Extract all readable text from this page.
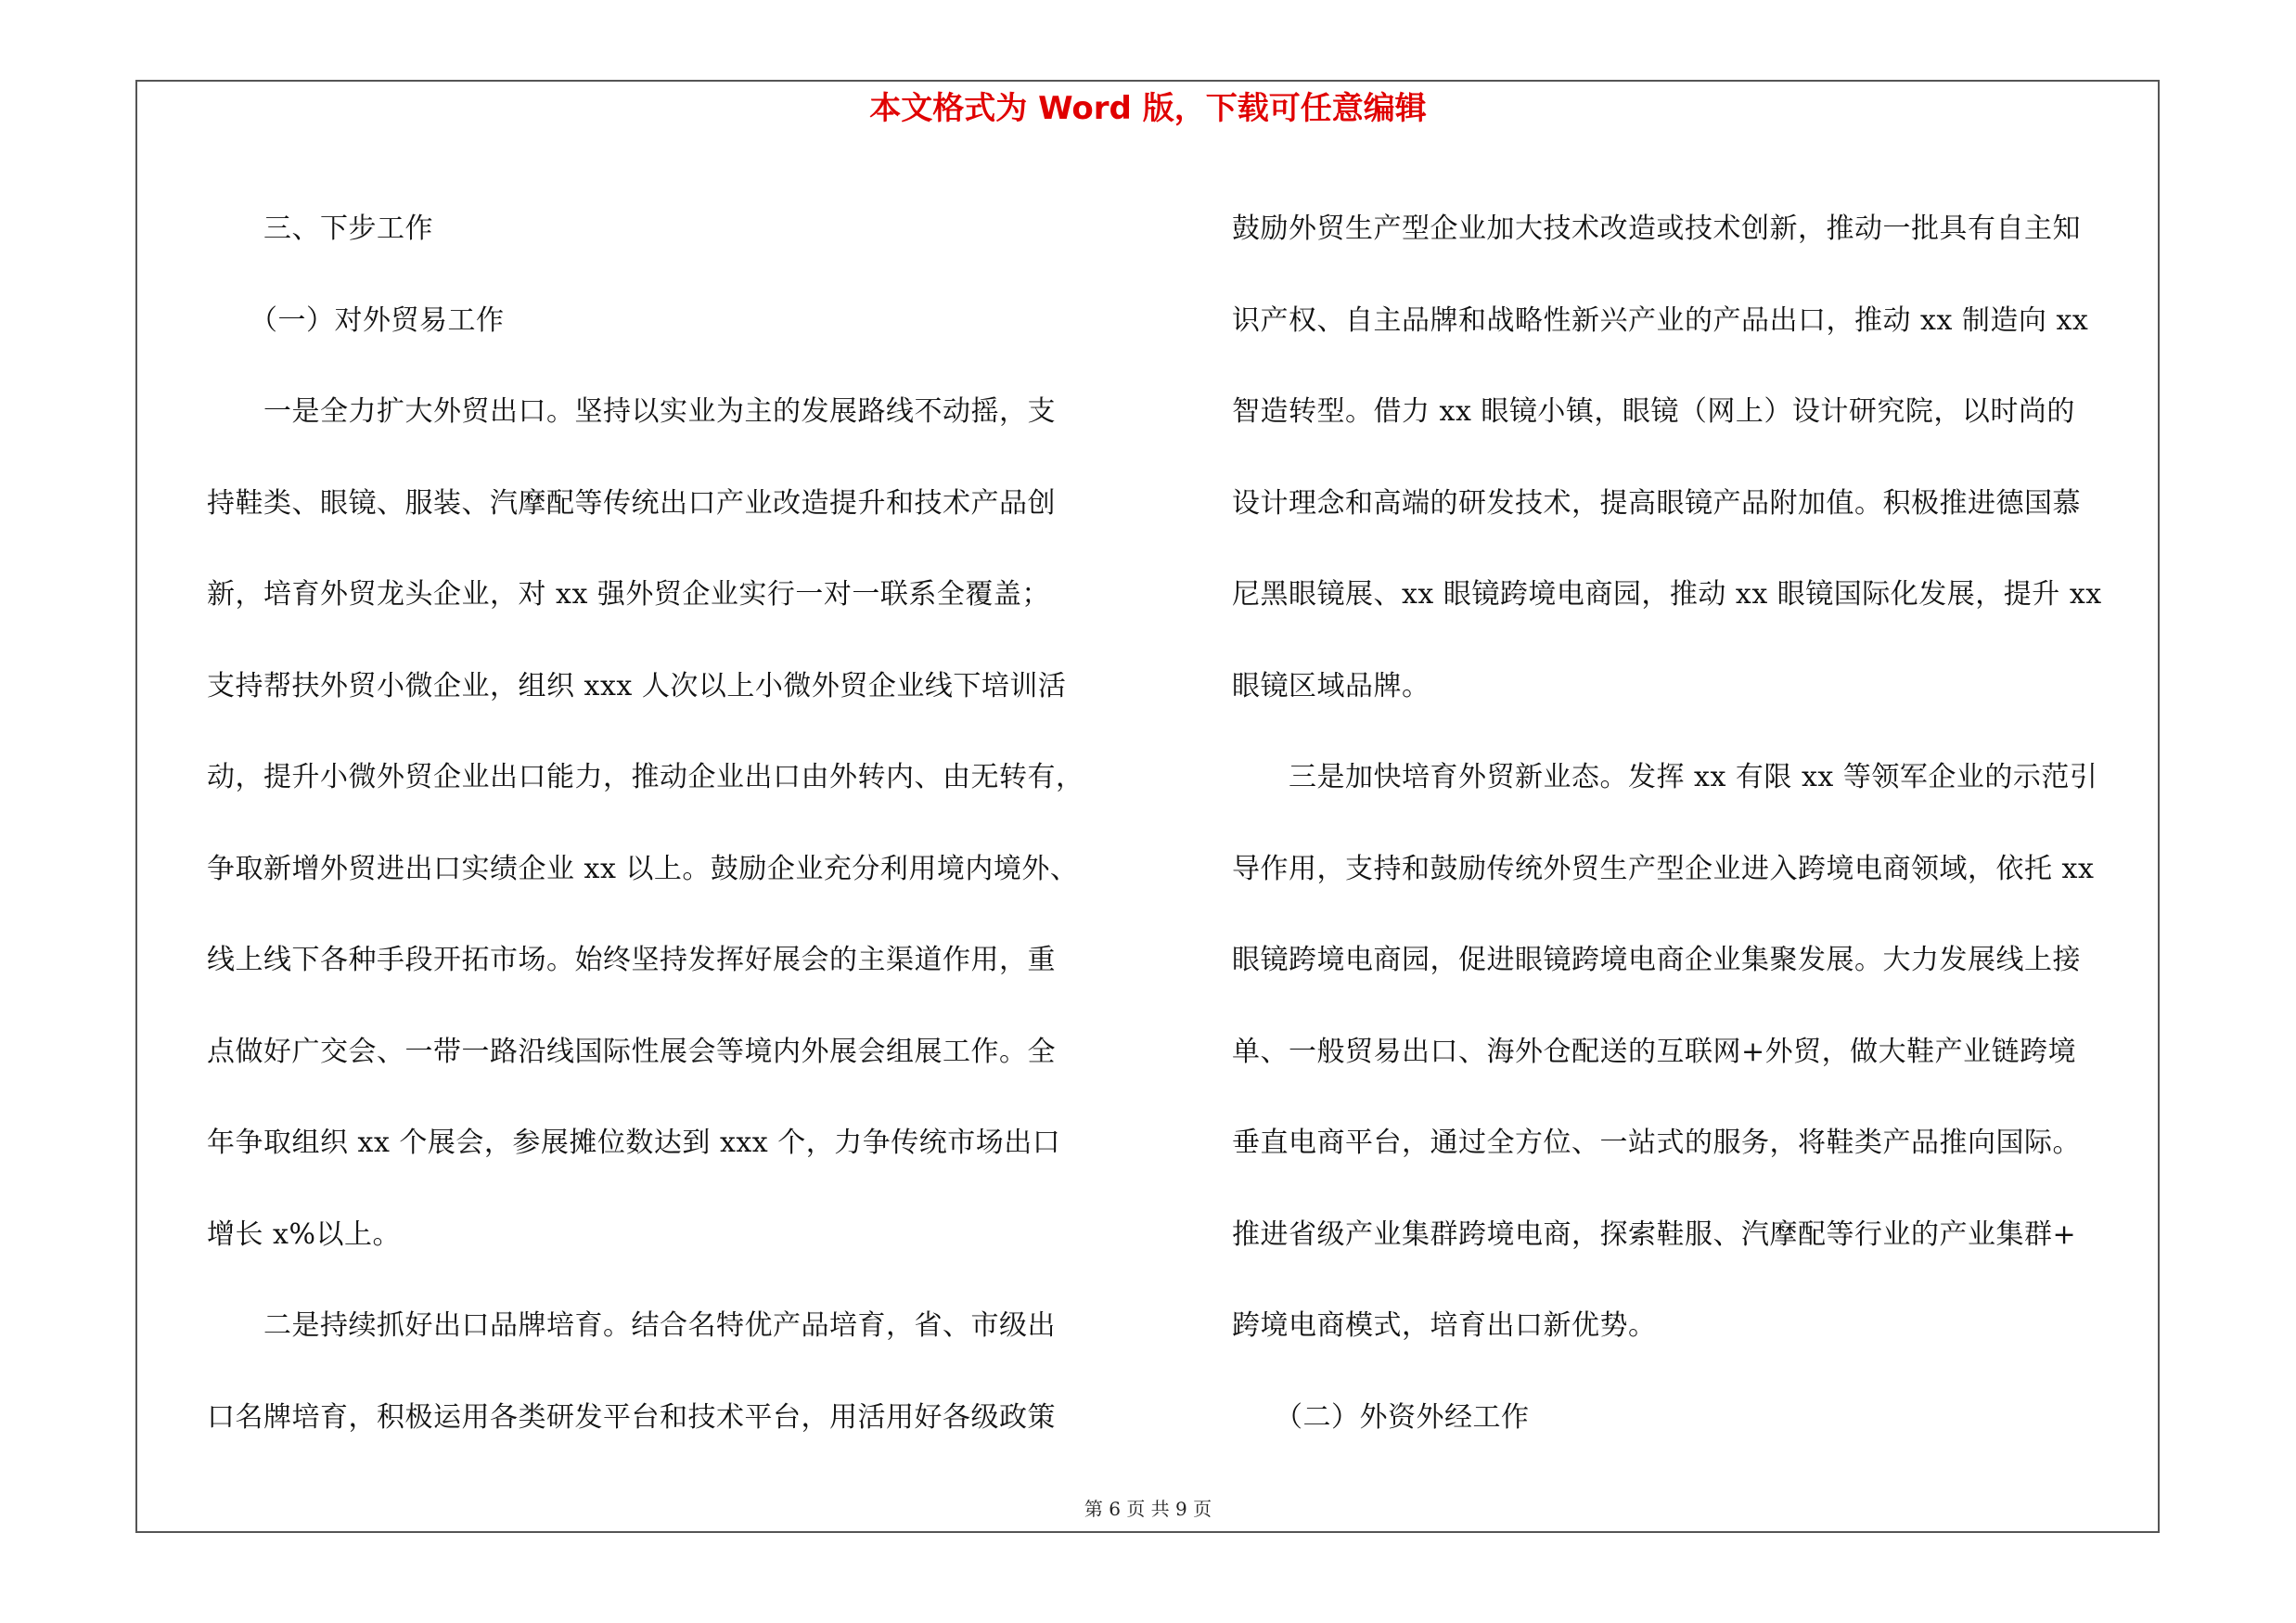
本文格式为 Word 版，下载可任意编辑

　　三、下步工作

　　（一）对外贸易工作

　　一是全力扩大外贸出口。坚持以实业为主的发展路线不动摇，支

持鞋类、眼镜、服装、汽摩配等传统出口产业改造提升和技术产品创

新，培育外贸龙头企业，对 xx 强外贸企业实行一对一联系全覆盖；

支持帮扶外贸小微企业，组织 xxx 人次以上小微外贸企业线下培训活

动，提升小微外贸企业出口能力，推动企业出口由外转内、由无转有，

争取新增外贸进出口实绩企业 xx 以上。鼓励企业充分利用境内境外、

线上线下各种手段开拓市场。始终坚持发挥好展会的主渠道作用，重

点做好广交会、一带一路沿线国际性展会等境内外展会组展工作。全

年争取组织 xx 个展会，参展摊位数达到 xxx 个，力争传统市场出口

增长 x%以上。

　　二是持续抓好出口品牌培育。结合名特优产品培育，省、市级出

口名牌培育，积极运用各类研发平台和技术平台，用活用好各级政策

鼓励外贸生产型企业加大技术改造或技术创新，推动一批具有自主知

识产权、自主品牌和战略性新兴产业的产品出口，推动 xx 制造向 xx

智造转型。借力 xx 眼镜小镇，眼镜（网上）设计研究院，以时尚的

设计理念和高端的研发技术，提高眼镜产品附加值。积极推进德国慕

尼黑眼镜展、xx 眼镜跨境电商园，推动 xx 眼镜国际化发展，提升 xx

眼镜区域品牌。

　　三是加快培育外贸新业态。发挥 xx 有限 xx 等领军企业的示范引

导作用，支持和鼓励传统外贸生产型企业进入跨境电商领域，依托 xx

眼镜跨境电商园，促进眼镜跨境电商企业集聚发展。大力发展线上接

单、一般贸易出口、海外仓配送的互联网+外贸，做大鞋产业链跨境

垂直电商平台，通过全方位、一站式的服务，将鞋类产品推向国际。

推进省级产业集群跨境电商，探索鞋服、汽摩配等行业的产业集群+

跨境电商模式，培育出口新优势。

　　（二）外资外经工作

第 6 页 共 9 页
